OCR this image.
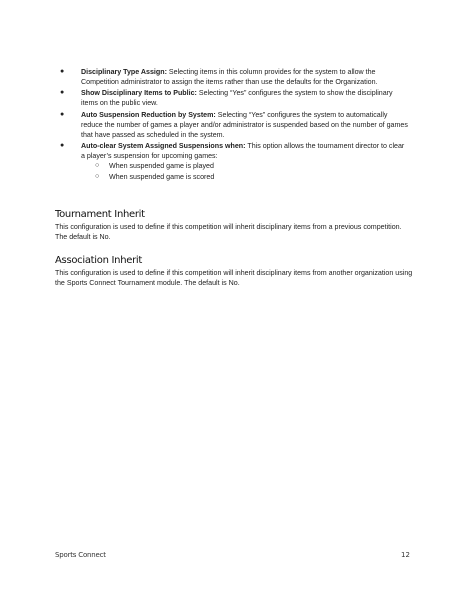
● Disciplinary Type Assign: Selecting items in this column provides for the system to allow the Competition administrator to assign the items rather than use the defaults for the Organization.
● Show Disciplinary Items to Public: Selecting “Yes” configures the system to show the disciplinary items on the public view.
● Auto Suspension Reduction by System: Selecting “Yes” configures the system to automatically reduce the number of games a player and/or administrator is suspended based on the number of games that have passed as scheduled in the system.
● Auto-clear System Assigned Suspensions when: This option allows the tournament director to clear a player’s suspension for upcoming games:
○ When suspended game is played
○ When suspended game is scored
Tournament Inherit

This configuration is used to define if this competition will inherit disciplinary items from a previous competition. The default is No.

Association Inherit

This configuration is used to define if this competition will inherit disciplinary items from another organization using the Sports Connect Tournament module. The default is No.

Sports Connect	12
